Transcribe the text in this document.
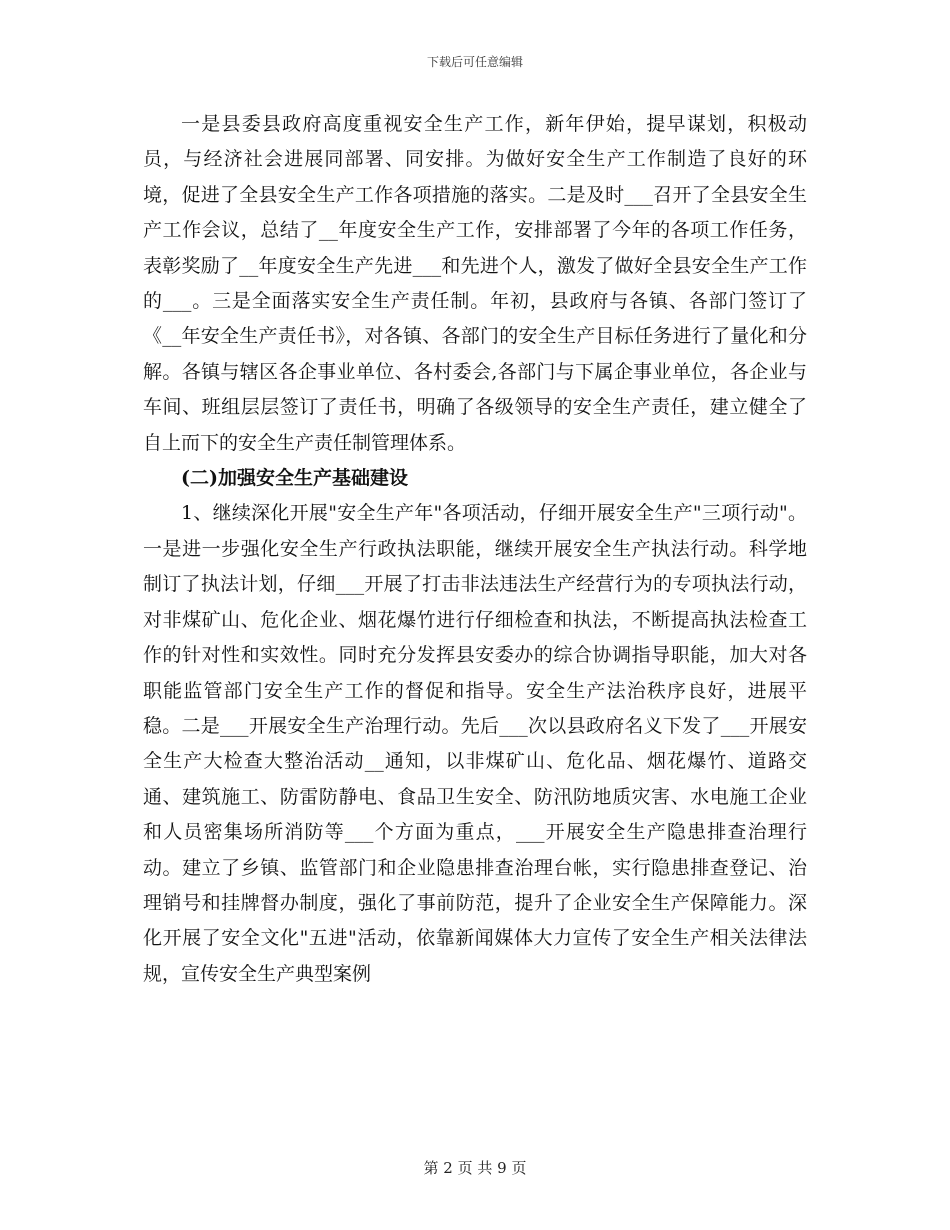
下载后可任意编辑

一是县委县政府高度重视安全生产工作，新年伊始，提早谋划，积极动员，与经济社会进展同部署、同安排。为做好安全生产工作制造了良好的环境，促进了全县安全生产工作各项措施的落实。二是及时___召开了全县安全生产工作会议，总结了__年度安全生产工作，安排部署了今年的各项工作任务，表彰奖励了__年度安全生产先进___和先进个人，激发了做好全县安全生产工作的___。三是全面落实安全生产责任制。年初，县政府与各镇、各部门签订了《__年安全生产责任书》，对各镇、各部门的安全生产目标任务进行了量化和分解。各镇与辖区各企事业单位、各村委会,各部门与下属企事业单位，各企业与车间、班组层层签订了责任书，明确了各级领导的安全生产责任，建立健全了自上而下的安全生产责任制管理体系。

(二)加强安全生产基础建设

1、继续深化开展"安全生产年"各项活动，仔细开展安全生产"三项行动"。一是进一步强化安全生产行政执法职能，继续开展安全生产执法行动。科学地制订了执法计划，仔细___开展了打击非法违法生产经营行为的专项执法行动，对非煤矿山、危化企业、烟花爆竹进行仔细检查和执法，不断提高执法检查工作的针对性和实效性。同时充分发挥县安委办的综合协调指导职能，加大对各职能监管部门安全生产工作的督促和指导。安全生产法治秩序良好，进展平稳。二是___开展安全生产治理行动。先后___次以县政府名义下发了___开展安全生产大检查大整治活动__通知，以非煤矿山、危化品、烟花爆竹、道路交通、建筑施工、防雷防静电、食品卫生安全、防汛防地质灾害、水电施工企业和人员密集场所消防等___个方面为重点，___开展安全生产隐患排查治理行动。建立了乡镇、监管部门和企业隐患排查治理台帐，实行隐患排查登记、治理销号和挂牌督办制度，强化了事前防范，提升了企业安全生产保障能力。深化开展了安全文化"五进"活动，依靠新闻媒体大力宣传了安全生产相关法律法规，宣传安全生产典型案例

第 2 页 共 9 页
